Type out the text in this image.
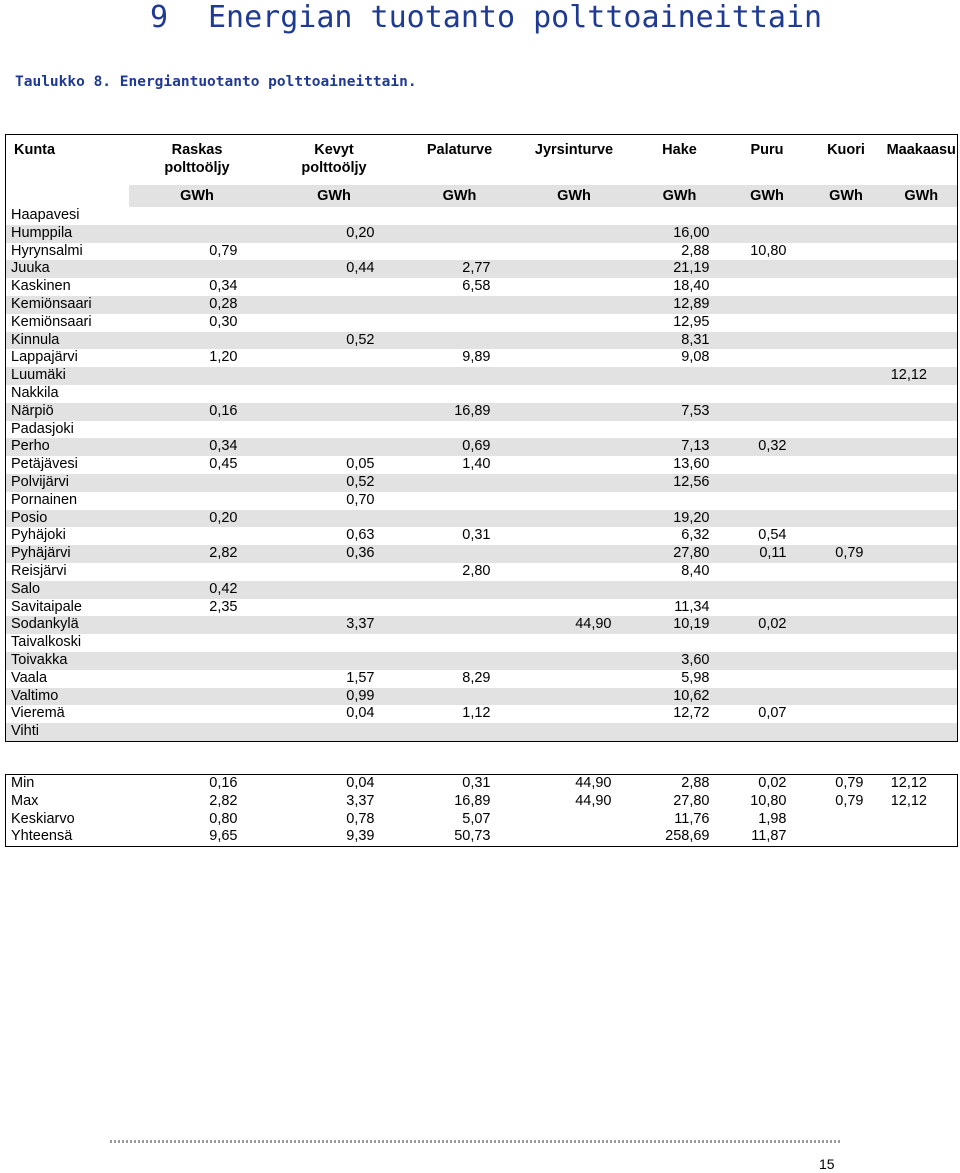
9 Energian tuotanto polttoaineittain
Taulukko 8. Energiantuotanto polttoaineittain.
Kunta	Raskas polttoöljy	Kevyt polttoöljy	Palaturve	Jyrsinturve	Hake	Puru	Kuori	Maakaasu
	GWh	GWh	GWh	GWh	GWh	GWh	GWh	GWh
Haapavesi								
Humppila		0,20			16,00			
Hyrynsalmi	0,79				2,88	10,80		
Juuka		0,44	2,77		21,19			
Kaskinen	0,34		6,58		18,40			
Kemiönsaari	0,28				12,89			
Kemiönsaari	0,30				12,95			
Kinnula		0,52			8,31			
Lappajärvi	1,20		9,89		9,08			
Luumäki								12,12
Nakkila								
Närpiö	0,16		16,89		7,53			
Padasjoki								
Perho	0,34		0,69		7,13	0,32		
Petäjävesi	0,45	0,05	1,40		13,60			
Polvijärvi		0,52			12,56			
Pornainen		0,70						
Posio	0,20				19,20			
Pyhäjoki		0,63	0,31		6,32	0,54		
Pyhäjärvi	2,82	0,36			27,80	0,11	0,79	
Reisjärvi			2,80		8,40			
Salo	0,42							
Savitaipale	2,35				11,34			
Sodankylä		3,37		44,90	10,19	0,02		
Taivalkoski								
Toivakka					3,60			
Vaala		1,57	8,29		5,98			
Valtimo		0,99			10,62			
Vieremä		0,04	1,12		12,72	0,07		
Vihti								
Min	0,16	0,04	0,31	44,90	2,88	0,02	0,79	12,12
Max	2,82	3,37	16,89	44,90	27,80	10,80	0,79	12,12
Keskiarvo	0,80	0,78	5,07		11,76	1,98		
Yhteensä	9,65	9,39	50,73		258,69	11,87		
15
